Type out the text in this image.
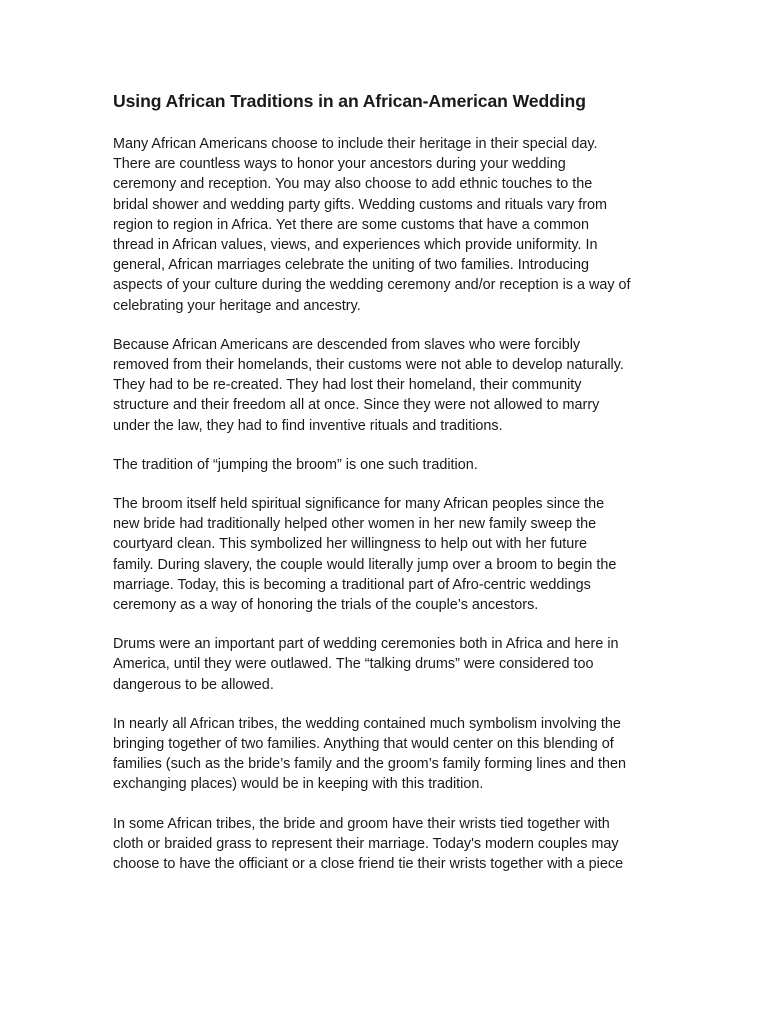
Using African Traditions in an African-American Wedding

Many African Americans choose to include their heritage in their special day.
There are countless ways to honor your ancestors during your wedding
ceremony and reception. You may also choose to add ethnic touches to the
bridal shower and wedding party gifts. Wedding customs and rituals vary from
region to region in Africa. Yet there are some customs that have a common
thread in African values, views, and experiences which provide uniformity. In
general, African marriages celebrate the uniting of two families. Introducing
aspects of your culture during the wedding ceremony and/or reception is a way of
celebrating your heritage and ancestry.

Because African Americans are descended from slaves who were forcibly
removed from their homelands, their customs were not able to develop naturally.
They had to be re-created. They had lost their homeland, their community
structure and their freedom all at once. Since they were not allowed to marry
under the law, they had to find inventive rituals and traditions.

The tradition of “jumping the broom” is one such tradition.

The broom itself held spiritual significance for many African peoples since the
new bride had traditionally helped other women in her new family sweep the
courtyard clean. This symbolized her willingness to help out with her future
family. During slavery, the couple would literally jump over a broom to begin the
marriage. Today, this is becoming a traditional part of Afro-centric weddings
ceremony as a way of honoring the trials of the couple’s ancestors.

Drums were an important part of wedding ceremonies both in Africa and here in
America, until they were outlawed. The “talking drums” were considered too
dangerous to be allowed.

In nearly all African tribes, the wedding contained much symbolism involving the
bringing together of two families. Anything that would center on this blending of
families (such as the bride’s family and the groom’s family forming lines and then
exchanging places) would be in keeping with this tradition.

In some African tribes, the bride and groom have their wrists tied together with
cloth or braided grass to represent their marriage. Today's modern couples may
choose to have the officiant or a close friend tie their wrists together with a piece
